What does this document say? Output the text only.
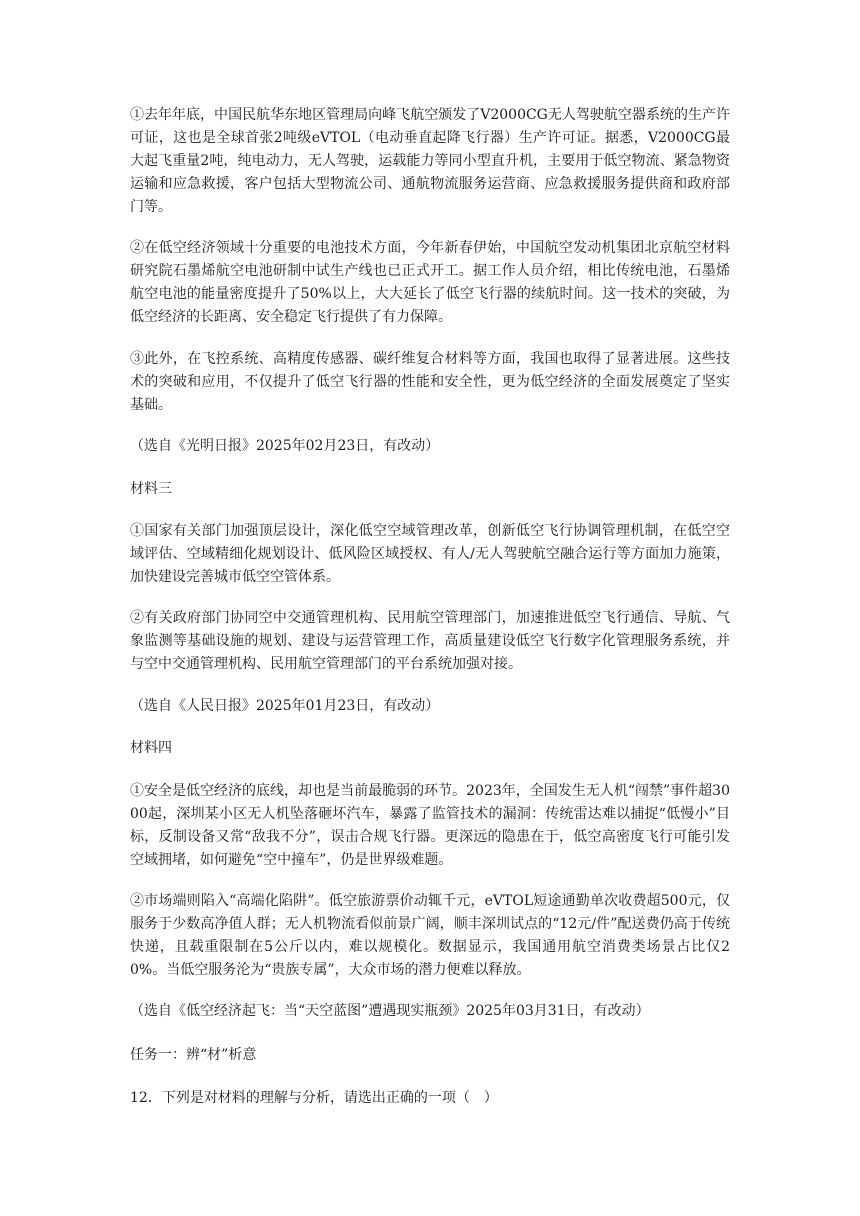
①去年年底，中国民航华东地区管理局向峰飞航空颁发了V2000CG无人驾驶航空器系统的生产许可证，这也是全球首张2吨级eVTOL（电动垂直起降飞行器）生产许可证。据悉，V2000CG最大起飞重量2吨，纯电动力，无人驾驶，运载能力等同小型直升机，主要用于低空物流、紧急物资运输和应急救援，客户包括大型物流公司、通航物流服务运营商、应急救援服务提供商和政府部门等。

②在低空经济领域十分重要的电池技术方面，今年新春伊始，中国航空发动机集团北京航空材料研究院石墨烯航空电池研制中试生产线也已正式开工。据工作人员介绍，相比传统电池，石墨烯航空电池的能量密度提升了50%以上，大大延长了低空飞行器的续航时间。这一技术的突破，为低空经济的长距离、安全稳定飞行提供了有力保障。

③此外，在飞控系统、高精度传感器、碳纤维复合材料等方面，我国也取得了显著进展。这些技术的突破和应用，不仅提升了低空飞行器的性能和安全性，更为低空经济的全面发展奠定了坚实基础。

（选自《光明日报》2025年02月23日，有改动）

材料三

①国家有关部门加强顶层设计，深化低空空域管理改革，创新低空飞行协调管理机制，在低空空域评估、空域精细化规划设计、低风险区域授权、有人/无人驾驶航空融合运行等方面加力施策，加快建设完善城市低空空管体系。

②有关政府部门协同空中交通管理机构、民用航空管理部门，加速推进低空飞行通信、导航、气象监测等基础设施的规划、建设与运营管理工作，高质量建设低空飞行数字化管理服务系统，并与空中交通管理机构、民用航空管理部门的平台系统加强对接。

（选自《人民日报》2025年01月23日，有改动）

材料四

①安全是低空经济的底线，却也是当前最脆弱的环节。2023年，全国发生无人机“闯禁”事件超3000起，深圳某小区无人机坠落砸坏汽车，暴露了监管技术的漏洞：传统雷达难以捕捉“低慢小”目标，反制设备又常“敌我不分”，误击合规飞行器。更深远的隐患在于，低空高密度飞行可能引发空域拥堵，如何避免“空中撞车”，仍是世界级难题。

②市场端则陷入“高端化陷阱”。低空旅游票价动辄千元，eVTOL短途通勤单次收费超500元，仅服务于少数高净值人群；无人机物流看似前景广阔，顺丰深圳试点的“12元/件”配送费仍高于传统快递，且载重限制在5公斤以内，难以规模化。数据显示，我国通用航空消费类场景占比仅20%。当低空服务沦为“贵族专属”，大众市场的潜力便难以释放。

（选自《低空经济起飞：当“天空蓝图”遭遇现实瓶颈》2025年03月31日，有改动）

任务一：辨“材”析意

12．下列是对材料的理解与分析，请选出正确的一项（　）
